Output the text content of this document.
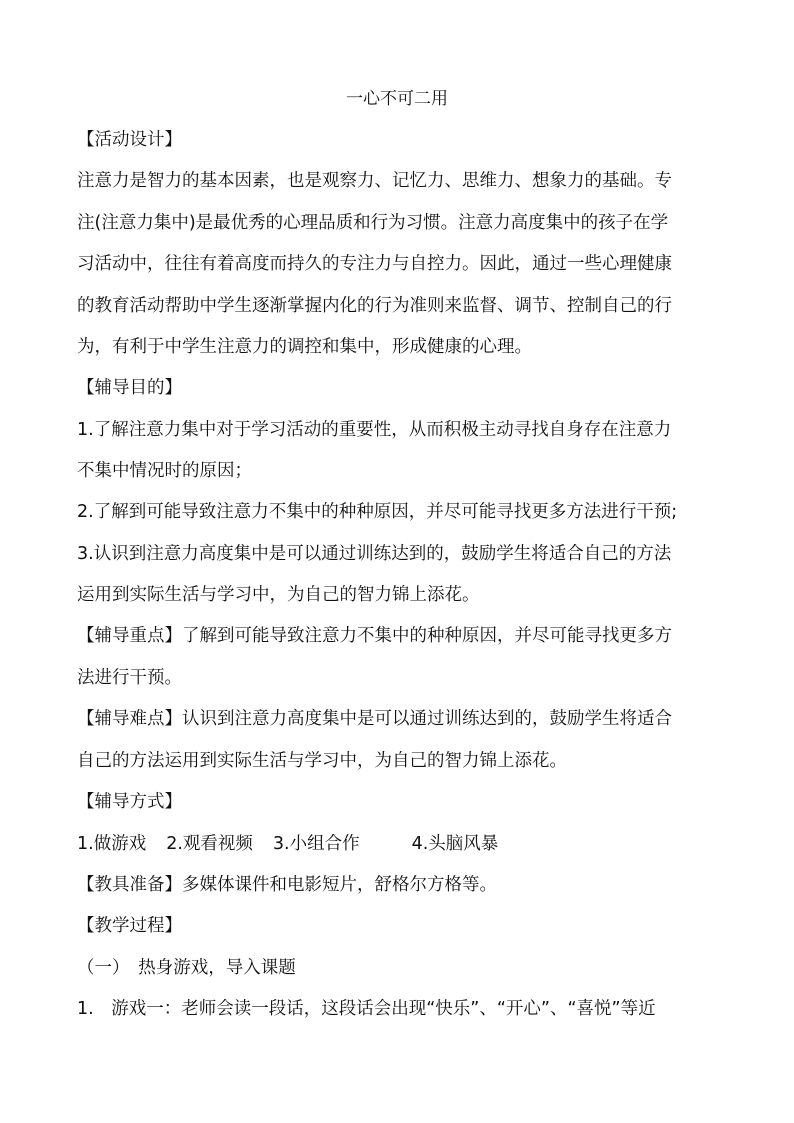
一心不可二用
【活动设计】
注意力是智力的基本因素，也是观察力、记忆力、思维力、想象力的基础。专
注(注意力集中)是最优秀的心理品质和行为习惯。注意力高度集中的孩子在学
习活动中，往往有着高度而持久的专注力与自控力。因此，通过一些心理健康
的教育活动帮助中学生逐渐掌握内化的行为准则来监督、调节、控制自己的行
为，有利于中学生注意力的调控和集中，形成健康的心理。
【辅导目的】
1.了解注意力集中对于学习活动的重要性，从而积极主动寻找自身存在注意力
不集中情况时的原因；
2.了解到可能导致注意力不集中的种种原因，并尽可能寻找更多方法进行干预;
3.认识到注意力高度集中是可以通过训练达到的，鼓励学生将适合自己的方法
运用到实际生活与学习中，为自己的智力锦上添花。
【辅导重点】了解到可能导致注意力不集中的种种原因，并尽可能寻找更多方
法进行干预。
【辅导难点】认识到注意力高度集中是可以通过训练达到的，鼓励学生将适合
自己的方法运用到实际生活与学习中，为自己的智力锦上添花。
【辅导方式】
1.做游戏 2.观看视频 3.小组合作	4.头脑风暴
【教具准备】多媒体课件和电影短片，舒格尔方格等。
【教学过程】
（一）　热身游戏，导入课题
1.　游戏一：老师会读一段话，这段话会出现“快乐”、“开心”、“喜悦”等近
